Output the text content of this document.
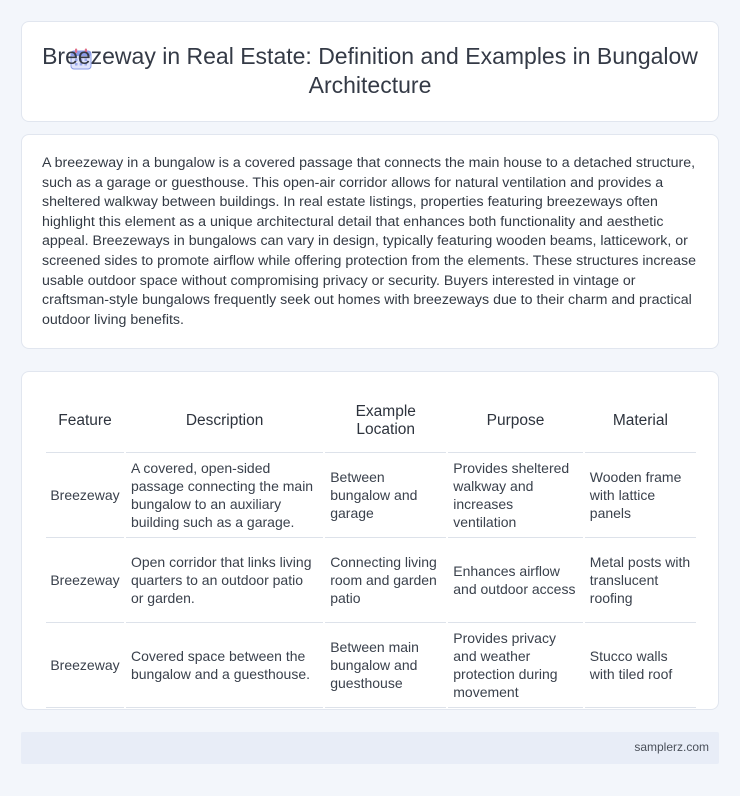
Breezeway in Real Estate: Definition and Examples in Bungalow Architecture

A breezeway in a bungalow is a covered passage that connects the main house to a detached structure, such as a garage or guesthouse. This open-air corridor allows for natural ventilation and provides a sheltered walkway between buildings. In real estate listings, properties featuring breezeways often highlight this element as a unique architectural detail that enhances both functionality and aesthetic appeal. Breezeways in bungalows can vary in design, typically featuring wooden beams, latticework, or screened sides to promote airflow while offering protection from the elements. These structures increase usable outdoor space without compromising privacy or security. Buyers interested in vintage or craftsman-style bungalows frequently seek out homes with breezeways due to their charm and practical outdoor living benefits.

Feature	Description	Example Location	Purpose	Material
Breezeway	A covered, open-sided passage connecting the main bungalow to an auxiliary building such as a garage.	Between bungalow and garage	Provides sheltered walkway and increases ventilation	Wooden frame with lattice panels
Breezeway	Open corridor that links living quarters to an outdoor patio or garden.	Connecting living room and garden patio	Enhances airflow and outdoor access	Metal posts with translucent roofing
Breezeway	Covered space between the bungalow and a guesthouse.	Between main bungalow and guesthouse	Provides privacy and weather protection during movement	Stucco walls with tiled roof
samplerz.com
